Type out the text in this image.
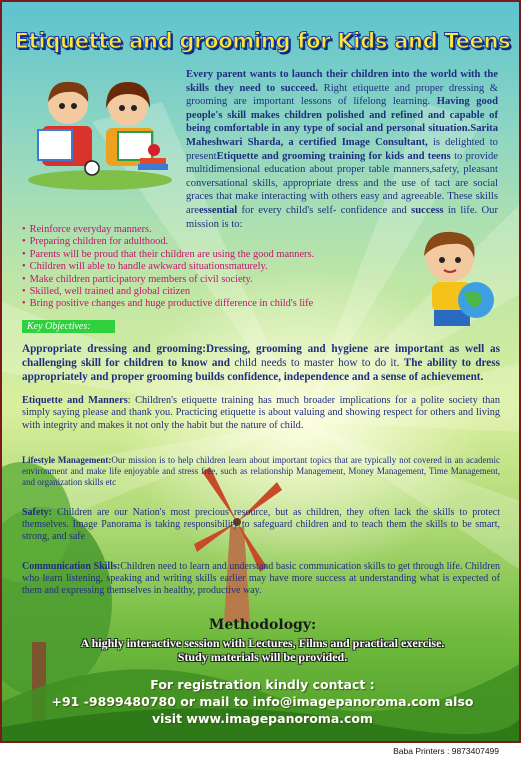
Etiquette and grooming for Kids and Teens
Every parent wants to launch their children into the world with the skills they need to succeed. Right etiquette and proper dressing & grooming are important lessons of lifelong learning. Having good people's skill makes children polished and refined and capable of being comfortable in any type of social and personal situation.Sarita Maheshwari Sharda, a certified Image Consultant, is delighted to presentEtiquette and grooming training for kids and teens to provide multidimensional education about proper table manners,safety, pleasant conversational skills, appropriate dress and the use of tact are social graces that make interacting with others easy and agreeable. These skills areessential for every child's self- confidence and success in life. Our mission is to:
• Reinforce everyday manners.
• Preparing children for adulthood.
• Parents will be proud that their children are using the good manners.
• Children will able to handle awkward situationsmaturely.
• Make children participatory members of civil society.
• Skilled, well trained and global citizen
• Bring positive changes and huge productive difference in child's life
Key Objectives:
Appropriate dressing and grooming:Dressing, grooming and hygiene are important as well as challenging skill for children to know and child needs to master how to do it. The ability to dress appropriately and proper grooming builds confidence, independence and a sense of achievement.
Etiquette and Manners: Children's etiquette training has much broader implications for a polite society than simply saying please and thank you. Practicing etiquette is about valuing and showing respect for others and living with integrity and makes it not only the habit but the nature of child.
Lifestyle Management:Our mission is to help children learn about important topics that are typically not covered in an academic environment and make life enjoyable and stress free, such as relationship Management, Money Management, Time Management, and organization skills etc
Safety: Children are our Nation's most precious resource, but as children, they often lack the skills to protect themselves. Image Panorama is taking responsibility to safeguard children and to teach them the skills to be smart, strong, and safe
Communication Skills:Children need to learn and understand basic communication skills to get through life. Children who learn listening, speaking and writing skills earlier may have more success at understanding what is expected of them and expressing themselves in healthy, productive way.
Methodology:
A highly interactive session with Lectures, Films and practical exercise.
Study materials will be provided.
For registration kindly contact :
+91 -9899480780 or mail to info@imagepanoroma.com also
visit www.imagepanoroma.com
Baba Printers : 9873407499
